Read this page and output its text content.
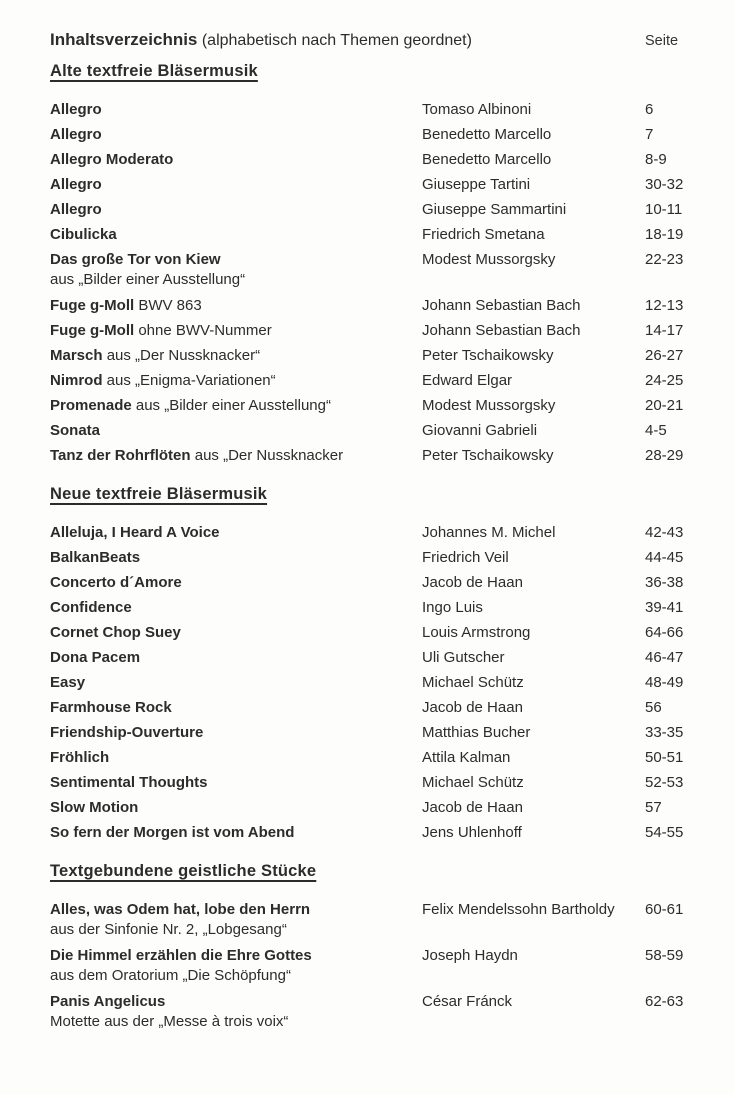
Inhaltsverzeichnis (alphabetisch nach Themen geordnet)	Seite
Alte textfreie Bläsermusik
Allegro	Tomaso Albinoni	6
Allegro	Benedetto Marcello	7
Allegro Moderato	Benedetto Marcello	8-9
Allegro	Giuseppe Tartini	30-32
Allegro	Giuseppe Sammartini	10-11
Cibulicka	Friedrich Smetana	18-19
Das große Tor von Kiew
aus „Bilder einer Ausstellung“
Modest Mussorgsky	22-23
Fuge g-Moll BWV 863	Johann Sebastian Bach	12-13
Fuge g-Moll ohne BWV-Nummer	Johann Sebastian Bach	14-17
Marsch aus „Der Nussknacker“	Peter Tschaikowsky	26-27
Nimrod aus „Enigma-Variationen“	Edward Elgar	24-25
Promenade aus „Bilder einer Ausstellung“	Modest Mussorgsky	20-21
Sonata	Giovanni Gabrieli	4-5
Tanz der Rohrflöten aus „Der Nussknacker	Peter Tschaikowsky	28-29
Neue textfreie Bläsermusik
Alleluja, I Heard A Voice	Johannes M. Michel	42-43
BalkanBeats	Friedrich Veil	44-45
Concerto d´Amore	Jacob de Haan	36-38
Confidence	Ingo Luis	39-41
Cornet Chop Suey	Louis Armstrong	64-66
Dona Pacem	Uli Gutscher	46-47
Easy	Michael Schütz	48-49
Farmhouse Rock	Jacob de Haan	56
Friendship-Ouverture	Matthias Bucher	33-35
Fröhlich	Attila Kalman	50-51
Sentimental Thoughts	Michael Schütz	52-53
Slow Motion	Jacob de Haan	57
So fern der Morgen ist vom Abend	Jens Uhlenhoff	54-55
Textgebundene geistliche Stücke
Alles, was Odem hat, lobe den Herrn
aus der Sinfonie Nr. 2, „Lobgesang“
Felix Mendelssohn Bartholdy	60-61
Die Himmel erzählen die Ehre Gottes
aus dem Oratorium „Die Schöpfung“
Joseph Haydn	58-59
Panis Angelicus
Motette aus der „Messe à trois voix“
César Fránck	62-63
